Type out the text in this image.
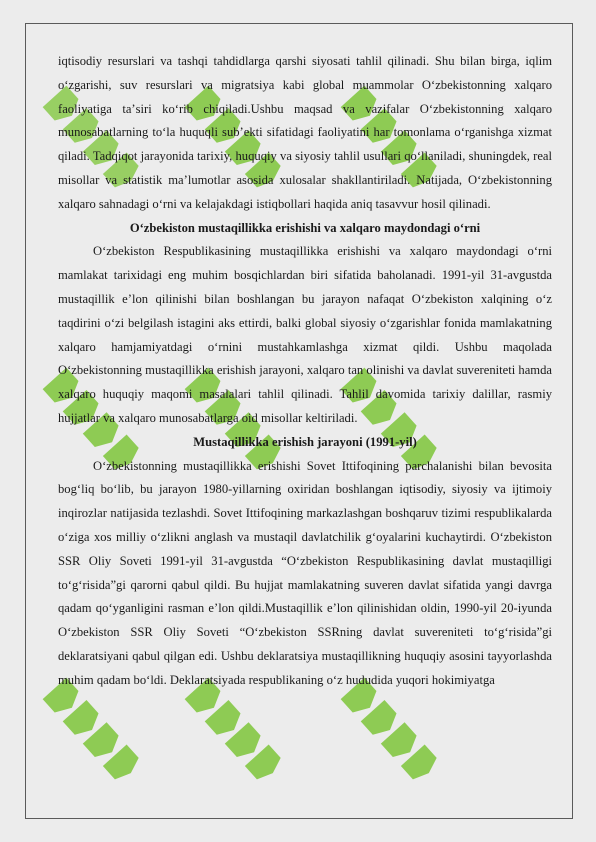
iqtisodiy resurslari va tashqi tahdidlarga qarshi siyosati tahlil qilinadi. Shu bilan birga, iqlim oʻzgarishi, suv resurslari va migratsiya kabi global muammolar Oʻzbekistonning xalqaro faoliyatiga taʼsiri koʻrib chiqiladi.Ushbu maqsad va vazifalar Oʻzbekistonning xalqaro munosabatlarning toʻla huquqli subʼekti sifatidagi faoliyatini har tomonlama oʻrganishga xizmat qiladi. Tadqiqot jarayonida tarixiy, huquqiy va siyosiy tahlil usullari qoʻllaniladi, shuningdek, real misollar va statistik maʼlumotlar asosida xulosalar shakllantiriladi. Natijada, Oʻzbekistonning xalqaro sahnadagi oʻrni va kelajakdagi istiqbollari haqida aniq tasavvur hosil qilinadi.

Oʻzbekiston mustaqillikka erishishi va xalqaro maydondagi oʻrni

Oʻzbekiston Respublikasining mustaqillikka erishishi va xalqaro maydondagi oʻrni mamlakat tarixidagi eng muhim bosqichlardan biri sifatida baholanadi. 1991-yil 31-avgustda mustaqillik eʼlon qilinishi bilan boshlangan bu jarayon nafaqat Oʻzbekiston xalqining oʻz taqdirini oʻzi belgilash istagini aks ettirdi, balki global siyosiy oʻzgarishlar fonida mamlakatning xalqaro hamjamiyatdagi oʻrnini mustahkamlashga xizmat qildi. Ushbu maqolada Oʻzbekistonning mustaqillikka erishish jarayoni, xalqaro tan olinishi va davlat suvereniteti hamda xalqaro huquqiy maqomi masalalari tahlil qilinadi. Tahlil davomida tarixiy dalillar, rasmiy hujjatlar va xalqaro munosabatlarga oid misollar keltiriladi.

Mustaqillikka erishish jarayoni (1991-yil)

Oʻzbekistonning mustaqillikka erishishi Sovet Ittifoqining parchalanishi bilan bevosita bogʻliq boʻlib, bu jarayon 1980-yillarning oxiridan boshlangan iqtisodiy, siyosiy va ijtimoiy inqirozlar natijasida tezlashdi. Sovet Ittifoqining markazlashgan boshqaruv tizimi respublikalarda oʻziga xos milliy oʻzlikni anglash va mustaqil davlatchilik gʻoyalarini kuchaytirdi. Oʻzbekiston SSR Oliy Soveti 1991-yil 31-avgustda “Oʻzbekiston Respublikasining davlat mustaqilligi toʻgʻrisida”gi qarorni qabul qildi. Bu hujjat mamlakatning suveren davlat sifatida yangi davrga qadam qoʻyganligini rasman eʼlon qildi.Mustaqillik eʼlon qilinishidan oldin, 1990-yil 20-iyunda Oʻzbekiston SSR Oliy Soveti “Oʻzbekiston SSRning davlat suvereniteti toʻgʻrisida”gi deklaratsiyani qabul qilgan edi. Ushbu deklaratsiya mustaqillikning huquqiy asosini tayyorlashda muhim qadam boʻldi. Deklaratsiyada respublikaning oʻz hududida yuqori hokimiyatga
